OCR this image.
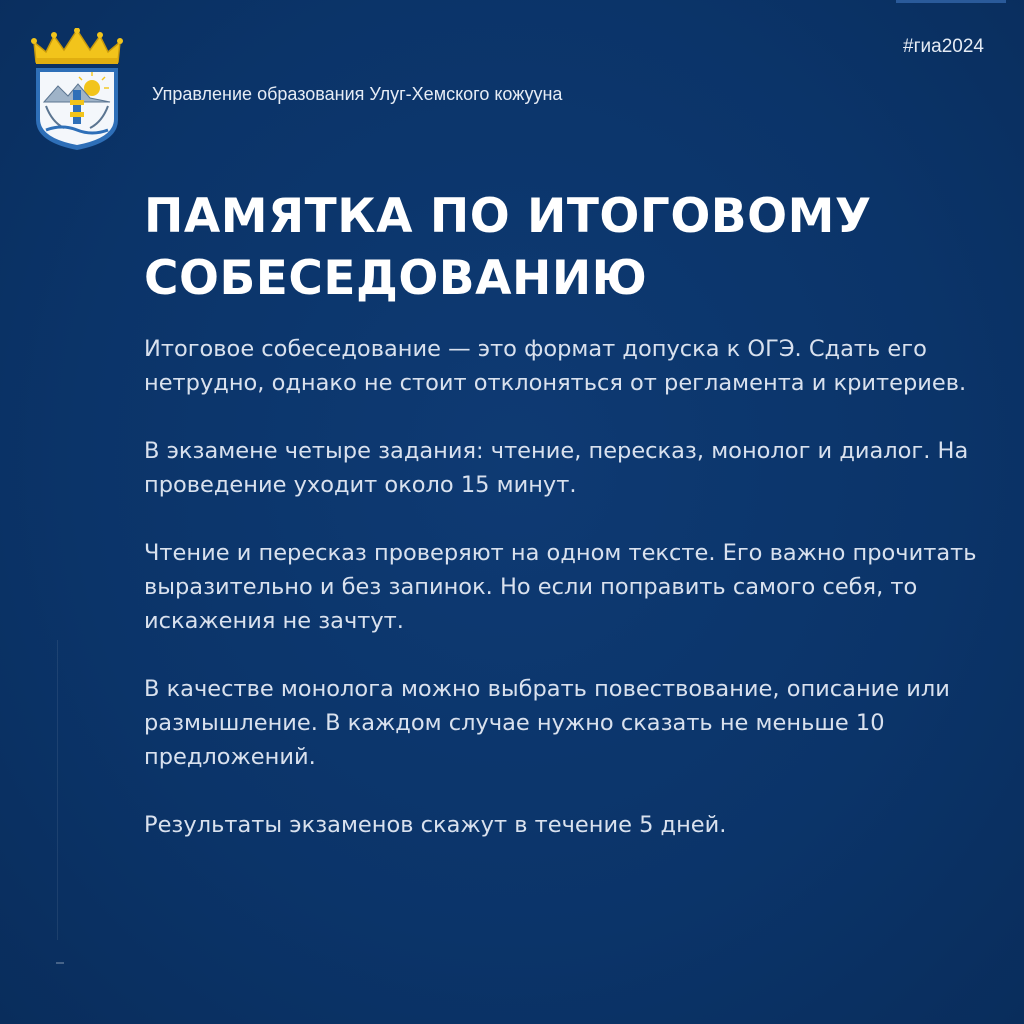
Управление образования Улуг-Хемского кожууна
#гиа2024
ПАМЯТКА ПО ИТОГОВОМУ
СОБЕСЕДОВАНИЮ

Итоговое собеседование — это формат допуска к ОГЭ. Сдать его нетрудно, однако не стоит отклоняться от регламента и критериев.

В экзамене четыре задания: чтение, пересказ, монолог и диалог. На проведение уходит около 15 минут.

Чтение и пересказ проверяют на одном тексте. Его важно прочитать выразительно и без запинок. Но если поправить самого себя, то искажения не зачтут.

В качестве монолога можно выбрать повествование, описание или размышление. В каждом случае нужно сказать не меньше 10 предложений.

Результаты экзаменов скажут в течение 5 дней.
